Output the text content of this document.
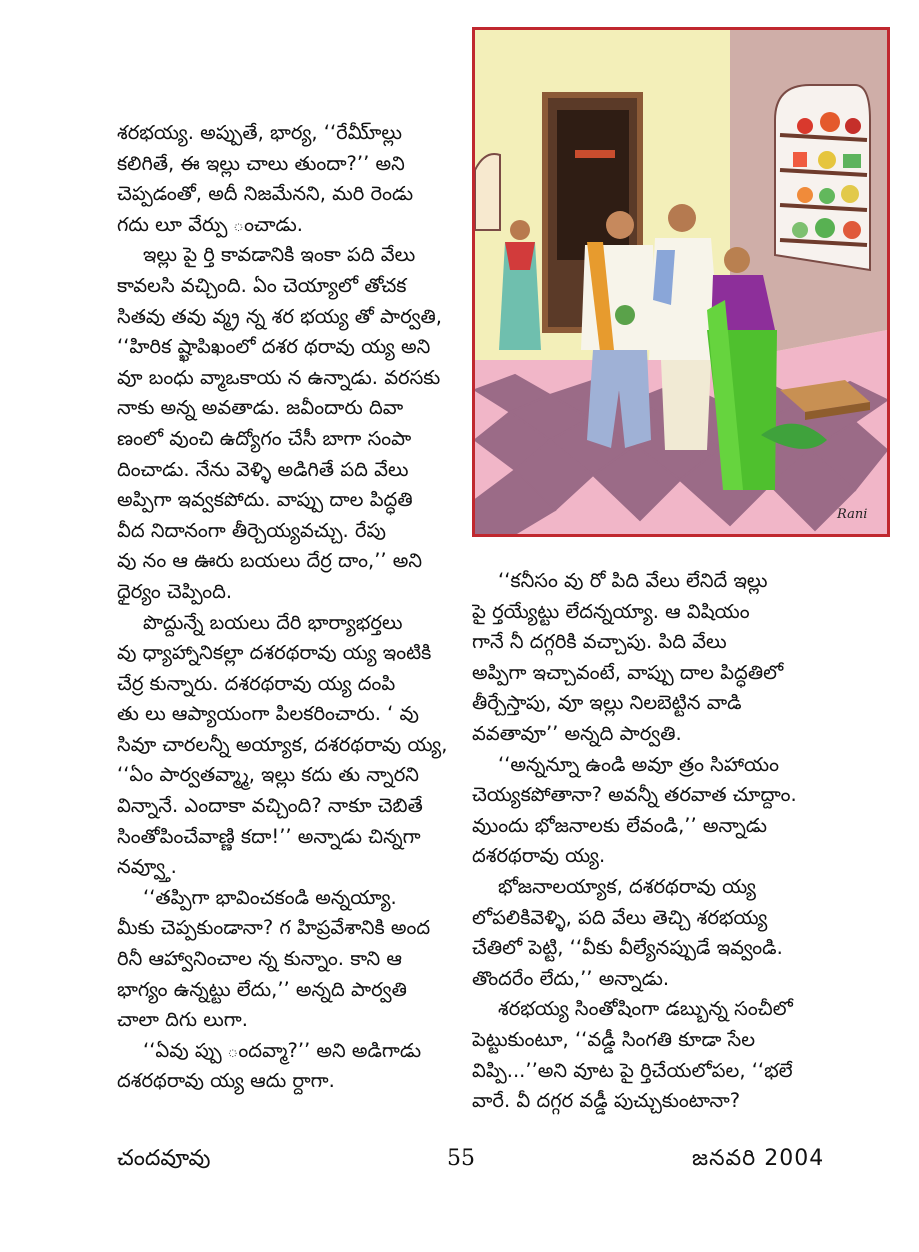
శరభయ్య. అప్పుతే, భార్య, ‘‘రేమీ్ూల్లు
కలిగితే, ఈ ఇల్లు చాలు తుందా?’’ అని
చెప్పడంతో, అదీ నిజమేనని, మరి రెండు
గదు లూ వేర్పు ంచాడు.
ఇల్లు పై ర్తి కావడానికి ఇంకా పది వేలు
కావలసి వచ్చింది. ఏం చెయ్యాలో తోచక
సితవు తవు వ్మ్ర న్న శర భయ్య తో పార్వతి,
‘‘హిరిక ష్ఖాపిఖంలో దశర థరావు య్య అని
వూ బంధు వ్మాఒకాయ న ఉన్నాడు. వరసకు
నాకు అన్న అవతాడు. జవీందారు దివా
ణంలో వుంచి ఉద్యోగం చేసీ బాగా సంపా
దించాడు. నేను వెళ్ళి అడిగితే పది వేలు
అప్పిగా ఇవ్వకపోదు. వాప్పు దాల పిద్ధతి
వీద నిదానంగా తీర్చెయ్యవచ్చు. రేపు
వు నం ఆ ఊరు బయలు దేర్ర దాం,’’ అని
ధైర్యం చెప్పింది.
పొద్దున్నే బయలు దేరి భార్యాభర్తలు
వు ధ్యాహ్నానికల్లా దశరథరావు య్య ఇంటికి
చేర్ర కున్నారు. దశరథరావు య్య దంపి
తు లు ఆప్యాయంగా పిలకరించారు. ‘ వు
సివూ చారలన్నీ అయ్యాక, దశరథరావు య్య,
‘‘ఏం పార్వతవ్మ్మా, ఇల్లు కదు తు న్నారని
విన్నానే. ఎందాకా వచ్చింది? నాకూ చెబితే
సింతోపించేవాణ్ణి కదా!’’ అన్నాడు చిన్నగా
నవ్వ్తూ.
‘‘తప్పిగా భావించకండి అన్నయ్యా.
మీకు చెప్పకుండానా? గ హిప్రవేశానికి అంద
రినీ ఆహ్వానించాల న్న కున్నాం. కాని ఆ
భాగ్యం ఉన్నట్టు లేదు,’’ అన్నది పార్వతి
చాలా దిగు లుగా.
‘‘ఏవు ప్పు ందవ్మా?’’ అని అడిగాడు
దశరథరావు య్య ఆదు ర్దాగా.
Rani
‘‘కనీసం వు రో పిది వేలు లేనిదే ఇల్లు
పై ర్తయ్యేట్టు లేదన్నయ్యా. ఆ విషియం
గానే నీ దగ్గరికి వచ్చాపు. పిది వేలు
అప్పిగా ఇచ్చావంటే, వాప్పు దాల పిద్ధతిలో
తీర్చేస్తాపు, వూ ఇల్లు నిలబెట్టిన వాడి
వవతావూ’’ అన్నది పార్వతి.
‘‘అన్నన్నూ ఉండి అవూ త్రం సిహాయం
చెయ్యకపోతానా? అవన్నీ తరవాత చూద్దాం.
వుుందు భోజనాలకు లేవండి,’’ అన్నాడు
దశరథరావు య్య.
భోజనాలయ్యాక, దశరథరావు య్య
లోపలికివెళ్ళి, పది వేలు తెచ్చి శరభయ్య
చేతిలో పెట్టి, ‘‘వీకు వీల్యేనప్పుడే ఇవ్వండి.
తొందరేం లేదు,’’ అన్నాడు.
శరభయ్య సింతోషింగా డబ్బున్న సంచీలో
పెట్టుకుంటూ, ‘‘వడ్డీ సింగతి కూడా సేల
విప్పి...’’అని వూట పై ర్తిచేయలోపల, ‘‘భలే
వారే. వీ దగ్గర వడ్డీ పుచ్చుకుంటానా?
చందవూవు	55	జనవరి 2004
